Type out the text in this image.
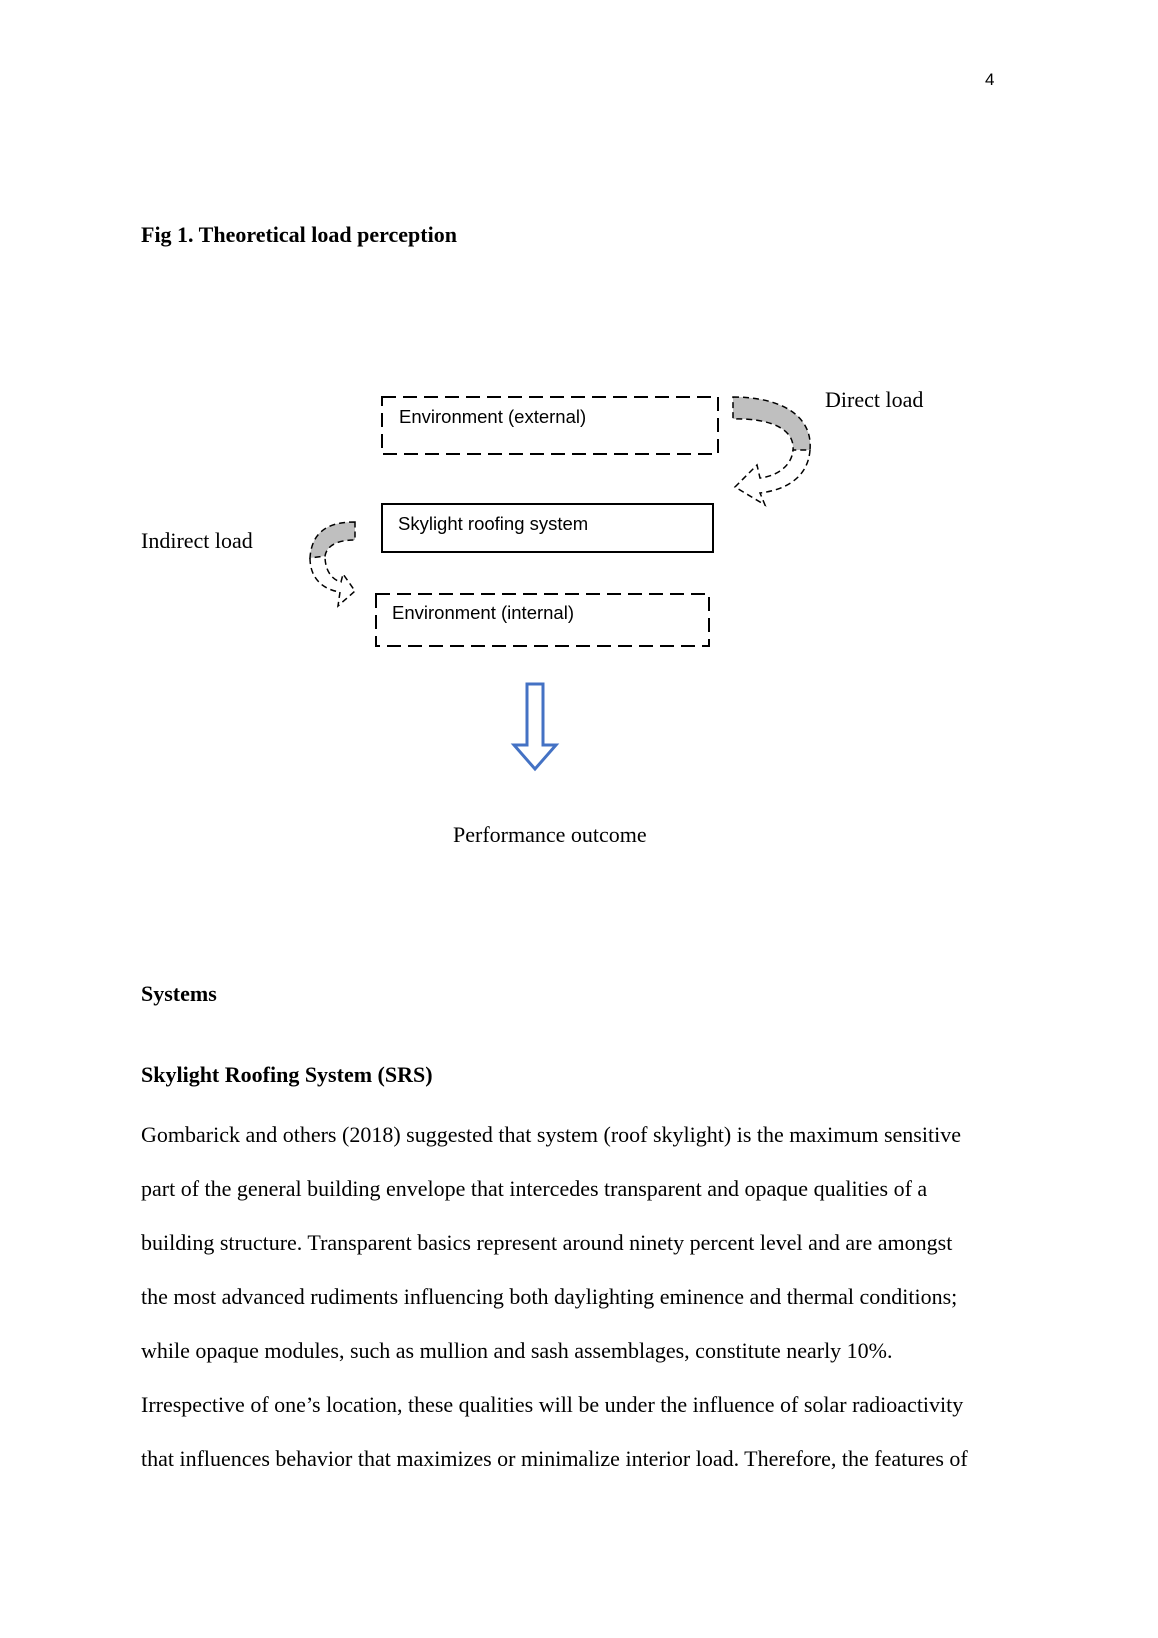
4
Fig 1. Theoretical load perception
Environment (external)
Skylight roofing system
Environment (internal)
Direct load
Indirect load
Performance outcome
Systems
Skylight Roofing System (SRS)
Gombarick and others (2018) suggested that system (roof skylight) is the maximum sensitive
part of the general building envelope that intercedes transparent and opaque qualities of a
building structure. Transparent basics represent around ninety percent level and are amongst
the most advanced rudiments influencing both daylighting eminence and thermal conditions;
while opaque modules, such as mullion and sash assemblages, constitute nearly 10%.
Irrespective of one’s location, these qualities will be under the influence of solar radioactivity
that influences behavior that maximizes or minimalize interior load. Therefore, the features of
